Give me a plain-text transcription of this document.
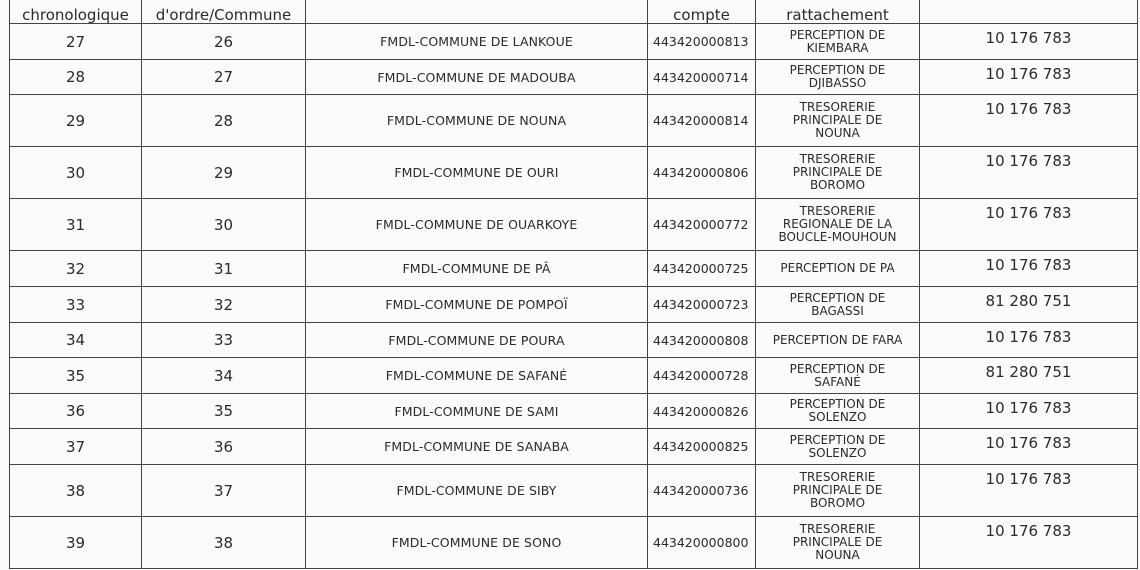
chronologique	d'ordre/Commune		compte	rattachement	
27	26	FMDL-COMMUNE DE LANKOUE	443420000813	PERCEPTION DE
KIEMBARA	10 176 783
28	27	FMDL-COMMUNE DE MADOUBA	443420000714	PERCEPTION DE
DJIBASSO	10 176 783
29	28	FMDL-COMMUNE DE NOUNA	443420000814	TRESORERIE
PRINCIPALE DE
NOUNA	10 176 783
30	29	FMDL-COMMUNE DE OURI	443420000806	TRESORERIE
PRINCIPALE DE
BOROMO	10 176 783
31	30	FMDL-COMMUNE DE OUARKOYE	443420000772	TRESORERIE
REGIONALE DE LA
BOUCLE-MOUHOUN	10 176 783
32	31	FMDL-COMMUNE DE PÂ	443420000725	PERCEPTION DE PA	10 176 783
33	32	FMDL-COMMUNE DE POMPOÏ	443420000723	PERCEPTION DE
BAGASSI	81 280 751
34	33	FMDL-COMMUNE DE POURA	443420000808	PERCEPTION DE FARA	10 176 783
35	34	FMDL-COMMUNE DE SAFANÉ	443420000728	PERCEPTION DE
SAFANÉ	81 280 751
36	35	FMDL-COMMUNE DE SAMI	443420000826	PERCEPTION DE
SOLENZO	10 176 783
37	36	FMDL-COMMUNE DE SANABA	443420000825	PERCEPTION DE
SOLENZO	10 176 783
38	37	FMDL-COMMUNE DE SIBY	443420000736	TRESORERIE
PRINCIPALE DE
BOROMO	10 176 783
39	38	FMDL-COMMUNE DE SONO	443420000800	TRESORERIE
PRINCIPALE DE
NOUNA	10 176 783
